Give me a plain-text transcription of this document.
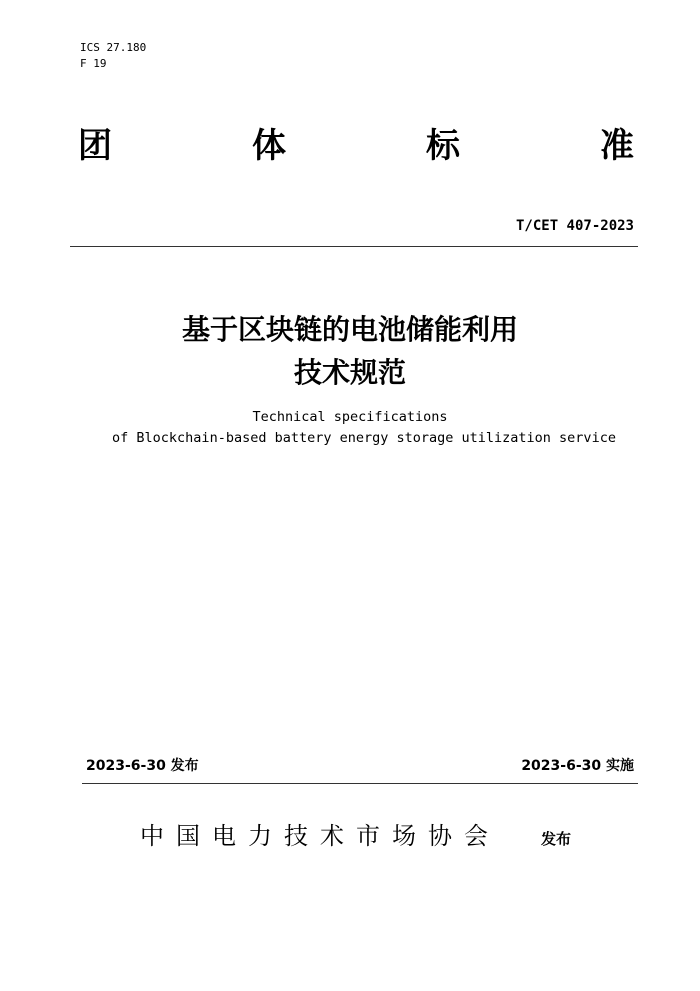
ICS 27.180
F 19
团	体	标	准
T/CET 407-2023
基于区块链的电池储能利用
技术规范
Technical specifications
of Blockchain-based battery energy storage utilization service
2023-6-30 发布	2023-6-30 实施
中国电力技术市场协会	发布
